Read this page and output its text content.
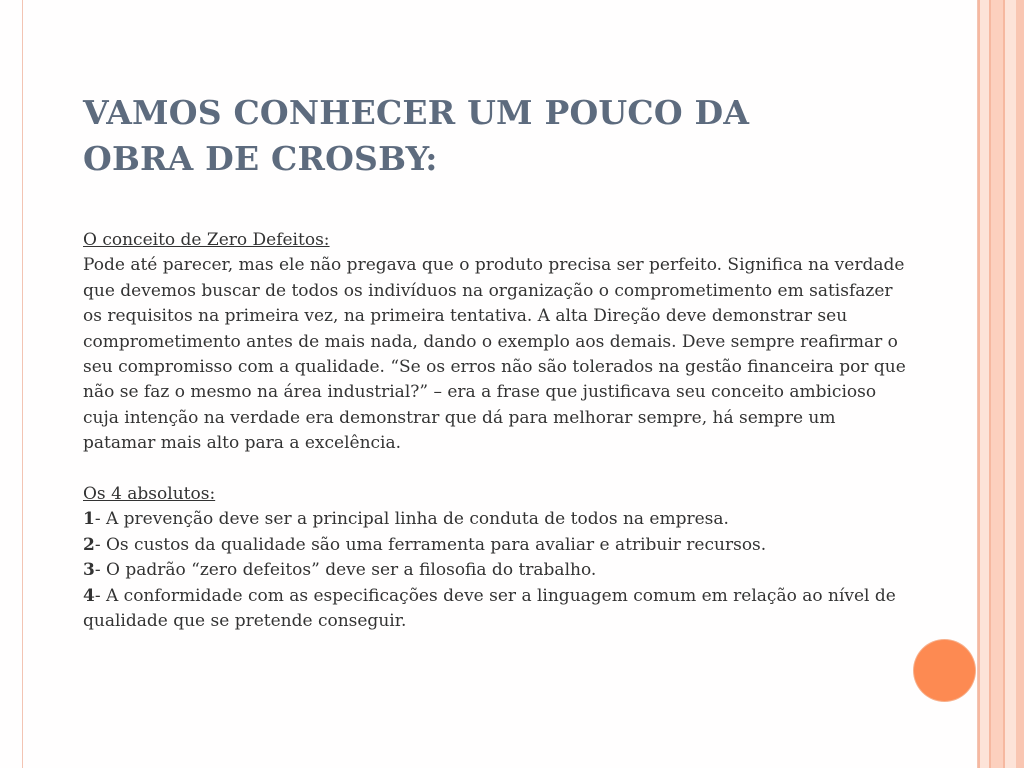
VAMOS CONHECER UM POUCO DA
OBRA DE CROSBY:
O conceito de Zero Defeitos:
Pode até parecer, mas ele não pregava que o produto precisa ser perfeito. Significa na verdade que devemos buscar de todos os indivíduos na organização o comprometimento em satisfazer os requisitos na primeira vez, na primeira tentativa. A alta Direção deve demonstrar seu comprometimento antes de mais nada, dando o exemplo aos demais. Deve sempre reafirmar o seu compromisso com a qualidade. “Se os erros não são tolerados na gestão financeira por que não se faz o mesmo na área industrial?” – era a frase que justificava seu conceito ambicioso cuja intenção na verdade era demonstrar que dá para melhorar sempre, há sempre um patamar mais alto para a excelência.
Os 4 absolutos:
1- A prevenção deve ser a principal linha de conduta de todos na empresa.
2- Os custos da qualidade são uma ferramenta para avaliar e atribuir recursos.
3- O padrão “zero defeitos” deve ser a filosofia do trabalho.
4- A conformidade com as especificações deve ser a linguagem comum em relação ao nível de qualidade que se pretende conseguir.
